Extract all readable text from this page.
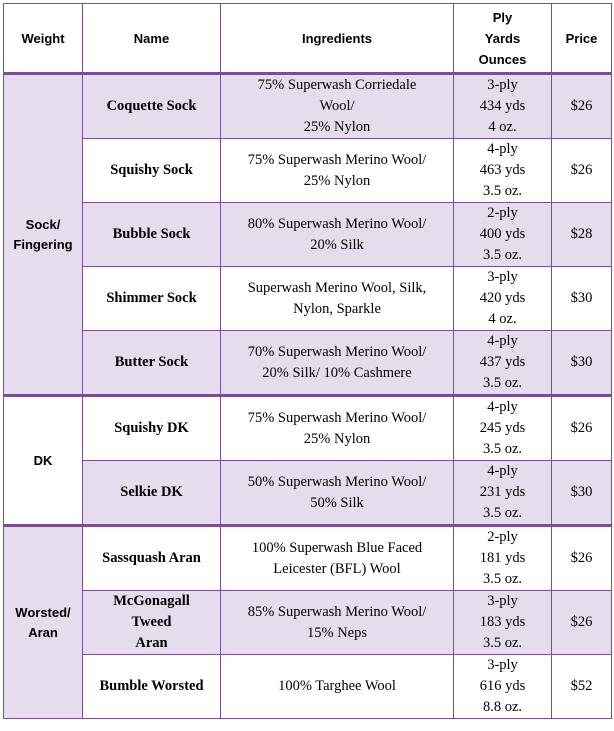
Weight	Name	Ingredients	Ply
Yards
Ounces	Price

Sock/
Fingering	Coquette Sock	75% Superwash Corriedale
Wool/
25% Nylon	3-ply
434 yds
4 oz.	$26

	Squishy Sock	75% Superwash Merino Wool/
25% Nylon	4-ply
463 yds
3.5 oz.	$26

	Bubble Sock	80% Superwash Merino Wool/
20% Silk	2-ply
400 yds
3.5 oz.	$28

	Shimmer Sock	Superwash Merino Wool, Silk,
Nylon, Sparkle	3-ply
420 yds
4 oz.	$30

	Butter Sock	70% Superwash Merino Wool/
20% Silk/ 10% Cashmere	4-ply
437 yds
3.5 oz.	$30

DK	Squishy DK	75% Superwash Merino Wool/
25% Nylon	4-ply
245 yds
3.5 oz.	$26

	Selkie DK	50% Superwash Merino Wool/
50% Silk	4-ply
231 yds
3.5 oz.	$30

Worsted/
Aran	Sassquash Aran	100% Superwash Blue Faced
Leicester (BFL) Wool	2-ply
181 yds
3.5 oz.	$26

	McGonagall
Tweed
Aran	85% Superwash Merino Wool/
15% Neps	3-ply
183 yds
3.5 oz.	$26

	Bumble Worsted	100% Targhee Wool	3-ply
616 yds
8.8 oz.	$52
